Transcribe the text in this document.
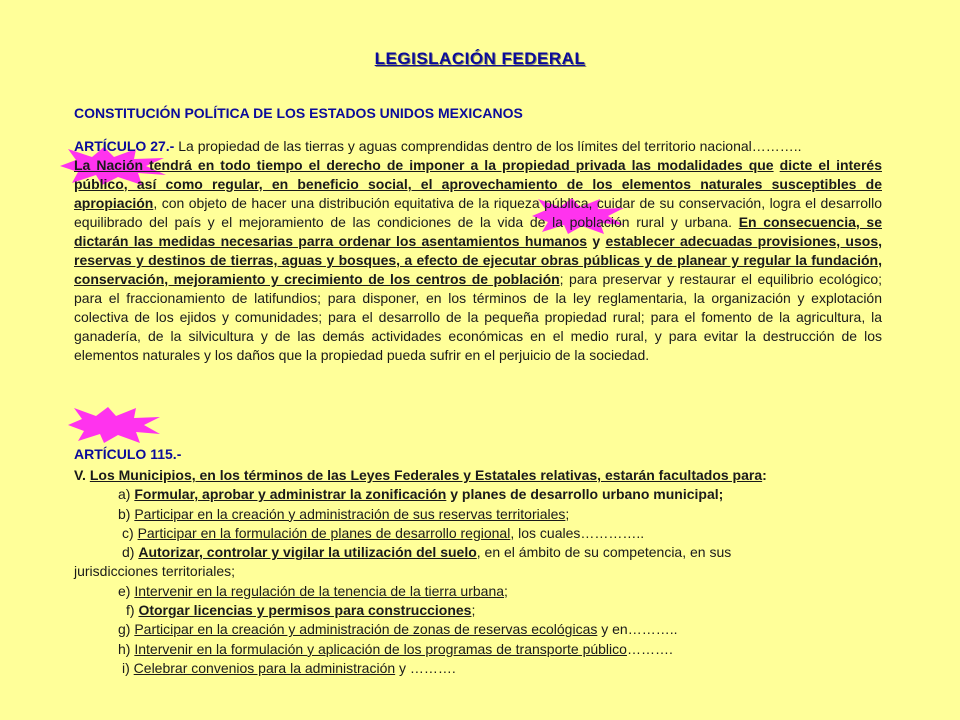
LEGISLACIÓN FEDERAL
CONSTITUCIÓN POLÍTICA DE LOS ESTADOS UNIDOS MEXICANOS
ARTÍCULO 27.- La propiedad de las tierras y aguas comprendidas dentro de los límites del territorio nacional………..
La Nación tendrá en todo tiempo el derecho de imponer a la propiedad privada las modalidades que dicte el interés público, así como regular, en beneficio social, el aprovechamiento de los elementos naturales susceptibles de apropiación, con objeto de hacer una distribución equitativa de la riqueza pública, cuidar de su conservación, logra el desarrollo equilibrado del país y el mejoramiento de las condiciones de la vida de la población rural y urbana. En consecuencia, se dictarán las medidas necesarias parra ordenar los asentamientos humanos y establecer adecuadas provisiones, usos, reservas y destinos de tierras, aguas y bosques, a efecto de ejecutar obras públicas y de planear y regular la fundación, conservación, mejoramiento y crecimiento de los centros de población; para preservar y restaurar el equilibrio ecológico; para el fraccionamiento de latifundios; para disponer, en los términos de la ley reglamentaria, la organización y explotación colectiva de los ejidos y comunidades; para el desarrollo de la pequeña propiedad rural; para el fomento de la agricultura, la ganadería, de la silvicultura y de las demás actividades económicas en el medio rural, y para evitar la destrucción de los elementos naturales y los daños que la propiedad pueda sufrir en el perjuicio de la sociedad.
ARTÍCULO 115.-
V. Los Municipios, en los términos de las Leyes Federales y Estatales relativas, estarán facultados para:
a) Formular, aprobar y administrar la zonificación y planes de desarrollo urbano municipal;
b) Participar en la creación y administración de sus reservas territoriales;
c) Participar en la formulación de planes de desarrollo regional, los cuales…………..
d) Autorizar, controlar y vigilar la utilización del suelo, en el ámbito de su competencia, en sus
jurisdicciones territoriales;
e) Intervenir en la regulación de la tenencia de la tierra urbana;
f) Otorgar licencias y permisos para construcciones;
g) Participar en la creación y administración de zonas de reservas ecológicas y en………..
h) Intervenir en la formulación y aplicación de los programas de transporte público……….
i) Celebrar convenios para la administración y ……….
